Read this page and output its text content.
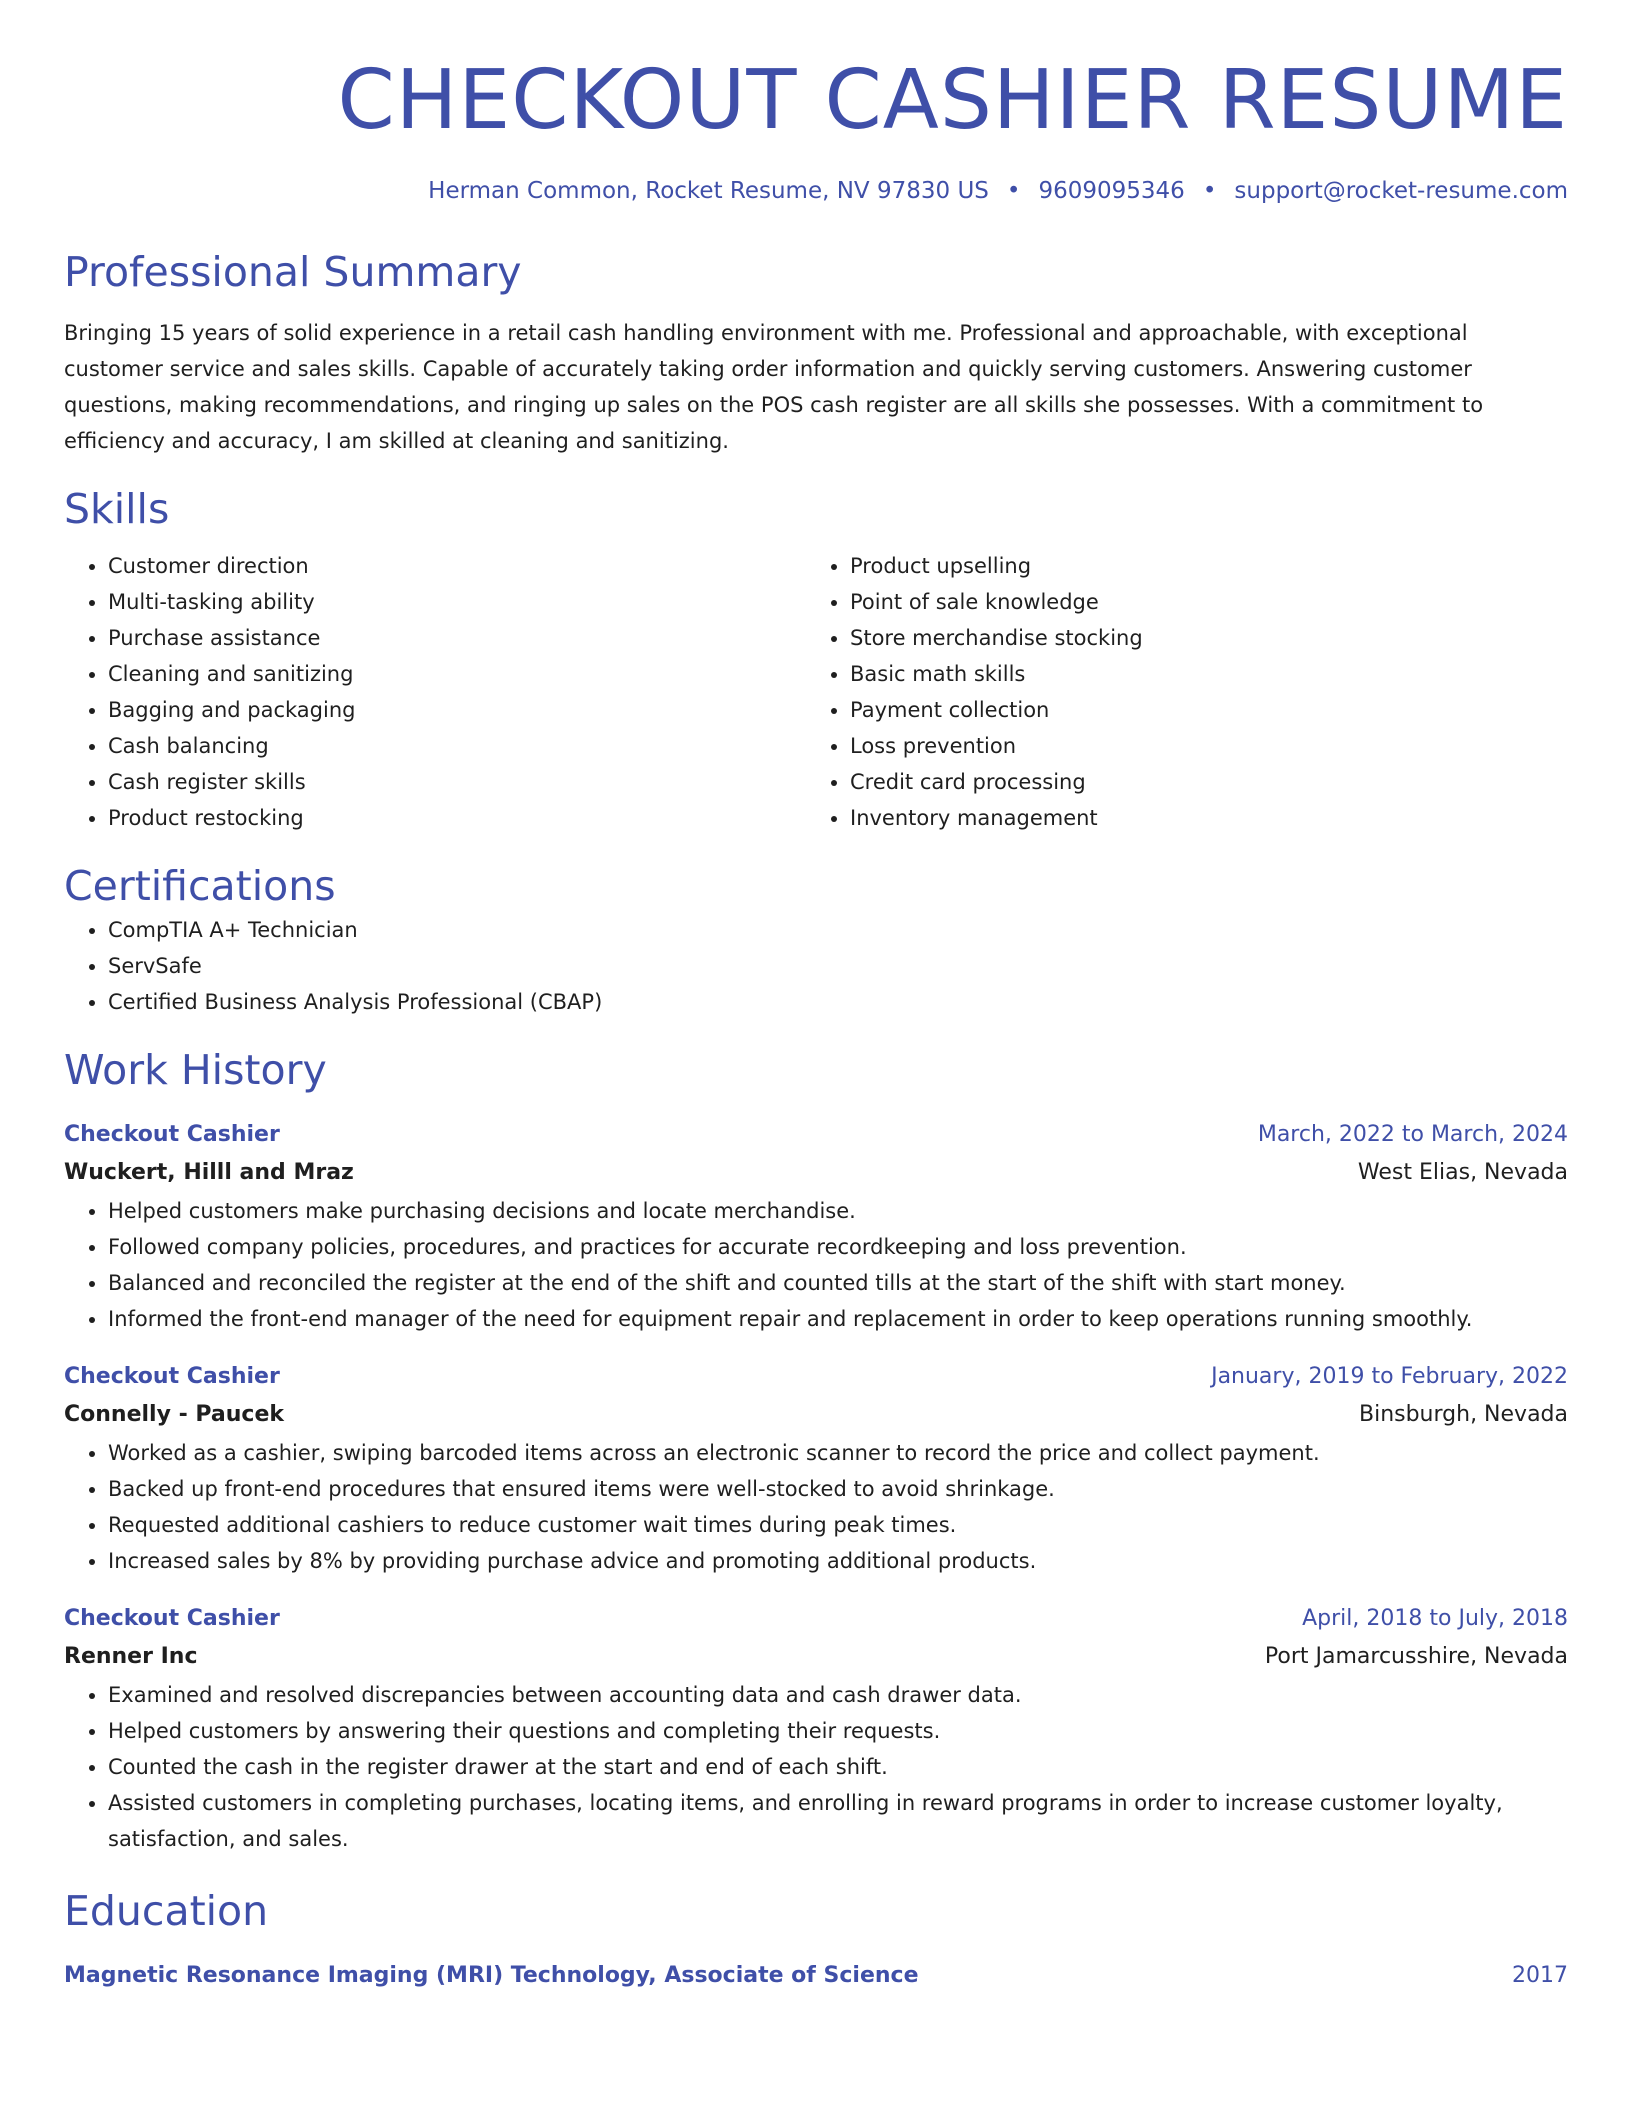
CHECKOUT CASHIER RESUME
Herman Common, Rocket Resume, NV 97830 US • 9609095346 • support@rocket-resume.com
Professional Summary

Bringing 15 years of solid experience in a retail cash handling environment with me. Professional and approachable, with exceptional customer service and sales skills. Capable of accurately taking order information and quickly serving customers. Answering customer questions, making recommendations, and ringing up sales on the POS cash register are all skills she possesses. With a commitment to efficiency and accuracy, I am skilled at cleaning and sanitizing.

Skills
• Customer direction
• Multi-tasking ability
• Purchase assistance
• Cleaning and sanitizing
• Bagging and packaging
• Cash balancing
• Cash register skills
• Product restocking
• Product upselling
• Point of sale knowledge
• Store merchandise stocking
• Basic math skills
• Payment collection
• Loss prevention
• Credit card processing
• Inventory management
Certifications
• CompTIA A+ Technician
• ServSafe
• Certified Business Analysis Professional (CBAP)
Work History
Checkout Cashier	March, 2022 to March, 2024
Wuckert, Hilll and Mraz	West Elias, Nevada
• Helped customers make purchasing decisions and locate merchandise.
• Followed company policies, procedures, and practices for accurate recordkeeping and loss prevention.
• Balanced and reconciled the register at the end of the shift and counted tills at the start of the shift with start money.
• Informed the front-end manager of the need for equipment repair and replacement in order to keep operations running smoothly.
Checkout Cashier	January, 2019 to February, 2022
Connelly - Paucek	Binsburgh, Nevada
• Worked as a cashier, swiping barcoded items across an electronic scanner to record the price and collect payment.
• Backed up front-end procedures that ensured items were well-stocked to avoid shrinkage.
• Requested additional cashiers to reduce customer wait times during peak times.
• Increased sales by 8% by providing purchase advice and promoting additional products.
Checkout Cashier	April, 2018 to July, 2018
Renner Inc	Port Jamarcusshire, Nevada
• Examined and resolved discrepancies between accounting data and cash drawer data.
• Helped customers by answering their questions and completing their requests.
• Counted the cash in the register drawer at the start and end of each shift.
• Assisted customers in completing purchases, locating items, and enrolling in reward programs in order to increase customer loyalty, satisfaction, and sales.
Education
Magnetic Resonance Imaging (MRI) Technology, Associate of Science	2017
